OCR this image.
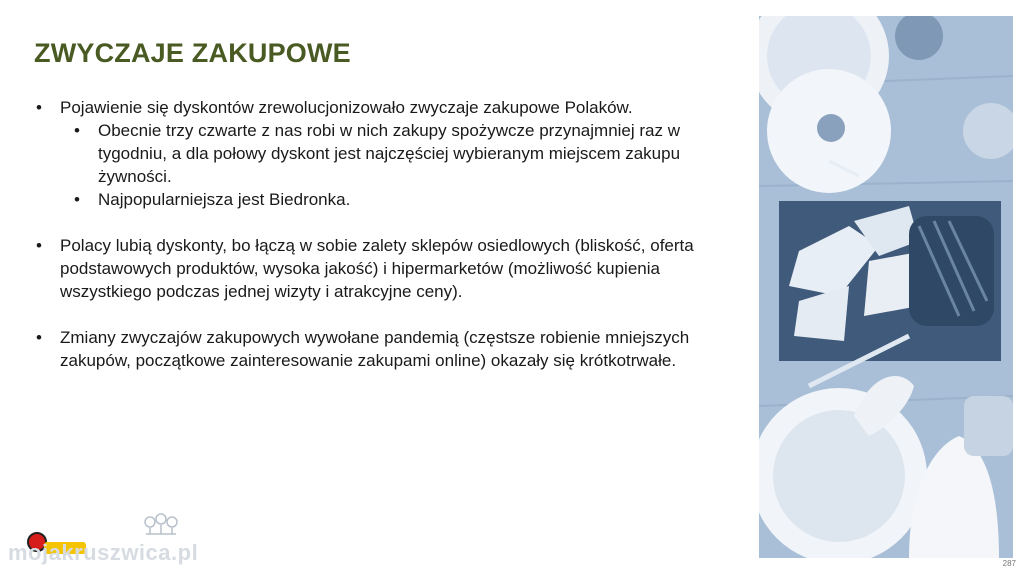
ZWYCZAJE ZAKUPOWE
• Pojawienie się dyskontów zrewolucjonizowało zwyczaje zakupowe Polaków.
• Obecnie trzy czwarte z nas robi w nich zakupy spożywcze przynajmniej raz w tygodniu, a dla połowy dyskont jest najczęściej wybieranym miejscem zakupu żywności.
• Najpopularniejsza jest Biedronka.
• Polacy lubią dyskonty, bo łączą w sobie zalety sklepów osiedlowych (bliskość, oferta podstawowych produktów, wysoka jakość) i hipermarketów (możliwość kupienia wszystkiego podczas jednej wizyty i atrakcyjne ceny).
• Zmiany zwyczajów zakupowych wywołane pandemią (częstsze robienie mniejszych zakupów, początkowe zainteresowanie zakupami online) okazały się krótkotrwałe.
mojakruszwica.pl	287
